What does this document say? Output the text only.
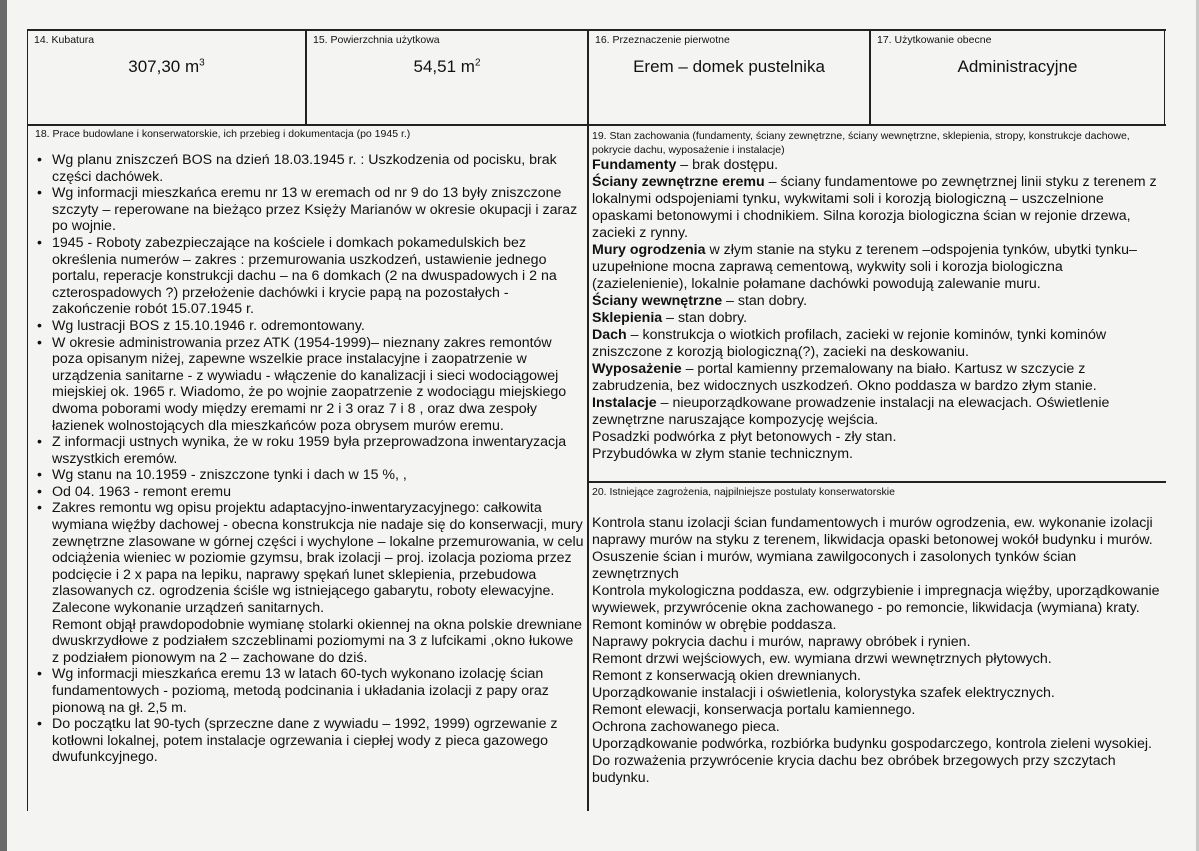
14. Kubatura
307,30 $m^3$
15. Powierzchnia użytkowa
54,51 $m^2$
16. Przeznaczenie pierwotne
Erem – domek pustelnika
17. Użytkowanie obecne
Administracyjne
18. Prace budowlane i konserwatorskie, ich przebieg i dokumentacja (po 1945 r.)
• Wg planu zniszczeń BOS na dzień 18.03.1945 r. : Uszkodzenia od pocisku, brak części dachówek.
• Wg informacji mieszkańca eremu nr 13 w eremach od nr 9 do 13 były zniszczone szczyty – reperowane na bieżąco przez Księży Marianów w okresie okupacji i zaraz po wojnie.
• 1945 - Roboty zabezpieczające na kościele i domkach pokamedulskich bez określenia numerów – zakres : przemurowania uszkodzeń, ustawienie jednego portalu, reperacje konstrukcji dachu – na 6 domkach (2 na dwuspadowych i 2 na czterospadowych ?) przełożenie dachówki i krycie papą na pozostałych - zakończenie robót 15.07.1945 r.
• Wg lustracji BOS z 15.10.1946 r. odremontowany.
• W okresie administrowania przez ATK (1954-1999)– nieznany zakres remontów poza opisanym niżej, zapewne wszelkie prace instalacyjne i zaopatrzenie w urządzenia sanitarne - z wywiadu - włączenie do kanalizacji i sieci wodociągowej miejskiej ok. 1965 r. Wiadomo, że po wojnie zaopatrzenie z wodociągu miejskiego dwoma poborami wody między eremami nr 2 i 3 oraz 7 i 8 , oraz dwa zespoły łazienek wolnostojących dla mieszkańców poza obrysem murów eremu.
• Z informacji ustnych wynika, że w roku 1959 była przeprowadzona inwentaryzacja wszystkich eremów.
• Wg stanu na 10.1959 - zniszczone tynki i dach w 15 %, ,
• Od 04. 1963 - remont eremu
• Zakres remontu wg opisu projektu adaptacyjno-inwentaryzacyjnego: całkowita wymiana więźby dachowej - obecna konstrukcja nie nadaje się do konserwacji, mury zewnętrzne zlasowane w górnej części i wychylone – lokalne przemurowania, w celu odciążenia wieniec w poziomie gzymsu, brak izolacji – proj. izolacja pozioma przez podcięcie i 2 x papa na lepiku, naprawy spękań lunet sklepienia, przebudowa zlasowanych cz. ogrodzenia ściśle wg istniejącego gabarytu, roboty elewacyjne. Zalecone wykonanie urządzeń sanitarnych.
Remont objął prawdopodobnie wymianę stolarki okiennej na okna polskie drewniane dwuskrzydłowe z podziałem szczeblinami poziomymi na 3 z lufcikami ,okno łukowe z podziałem pionowym na 2 – zachowane do dziś.
• Wg informacji mieszkańca eremu 13 w latach 60-tych wykonano izolację ścian fundamentowych - poziomą, metodą podcinania i układania izolacji z papy oraz pionową na gł. 2,5 m.
• Do początku lat 90-tych (sprzeczne dane z wywiadu – 1992, 1999) ogrzewanie z kotłowni lokalnej, potem instalacje ogrzewania i ciepłej wody z pieca gazowego dwufunkcyjnego.

19. Stan zachowania (fundamenty, ściany zewnętrzne, ściany wewnętrzne, sklepienia, stropy, konstrukcje dachowe, pokrycie dachu, wyposażenie i instalacje)

Fundamenty – brak dostępu.

Ściany zewnętrzne eremu – ściany fundamentowe po zewnętrznej linii styku z terenem z lokalnymi odspojeniami tynku, wykwitami soli i korozją biologiczną – uszczelnione opaskami betonowymi i chodnikiem. Silna korozja biologiczna ścian w rejonie drzewa, zacieki z rynny.

Mury ogrodzenia w złym stanie na styku z terenem –odspojenia tynków, ubytki tynku– uzupełnione mocna zaprawą cementową, wykwity soli i korozja biologiczna (zazielenienie), lokalnie połamane dachówki powodują zalewanie muru.

Ściany wewnętrzne – stan dobry.

Sklepienia – stan dobry.

Dach – konstrukcja o wiotkich profilach, zacieki w rejonie kominów, tynki kominów zniszczone z korozją biologiczną(?), zacieki na deskowaniu.

Wyposażenie – portal kamienny przemalowany na biało. Kartusz w szczycie z zabrudzenia, bez widocznych uszkodzeń. Okno poddasza w bardzo złym stanie.

Instalacje – nieuporządkowane prowadzenie instalacji na elewacjach. Oświetlenie zewnętrzne naruszające kompozycję wejścia.

Posadzki podwórka z płyt betonowych - zły stan.

Przybudówka w złym stanie technicznym.

20. Istniejące zagrożenia, najpilniejsze postulaty konserwatorskie

Kontrola stanu izolacji ścian fundamentowych i murów ogrodzenia, ew. wykonanie izolacji naprawy murów na styku z terenem, likwidacja opaski betonowej wokół budynku i murów.

Osuszenie ścian i murów, wymiana zawilgoconych i zasolonych tynków ścian zewnętrznych

Kontrola mykologiczna poddasza, ew. odgrzybienie i impregnacja więźby, uporządkowanie wywiewek, przywrócenie okna zachowanego - po remoncie, likwidacja (wymiana) kraty. Remont kominów w obrębie poddasza.

Naprawy pokrycia dachu i murów, naprawy obróbek i rynien.

Remont drzwi wejściowych, ew. wymiana drzwi wewnętrznych płytowych.

Remont z konserwacją okien drewnianych.

Uporządkowanie instalacji i oświetlenia, kolorystyka szafek elektrycznych.

Remont elewacji, konserwacja portalu kamiennego.

Ochrona zachowanego pieca.

Uporządkowanie podwórka, rozbiórka budynku gospodarczego, kontrola zieleni wysokiej.

Do rozważenia przywrócenie krycia dachu bez obróbek brzegowych przy szczytach budynku.
